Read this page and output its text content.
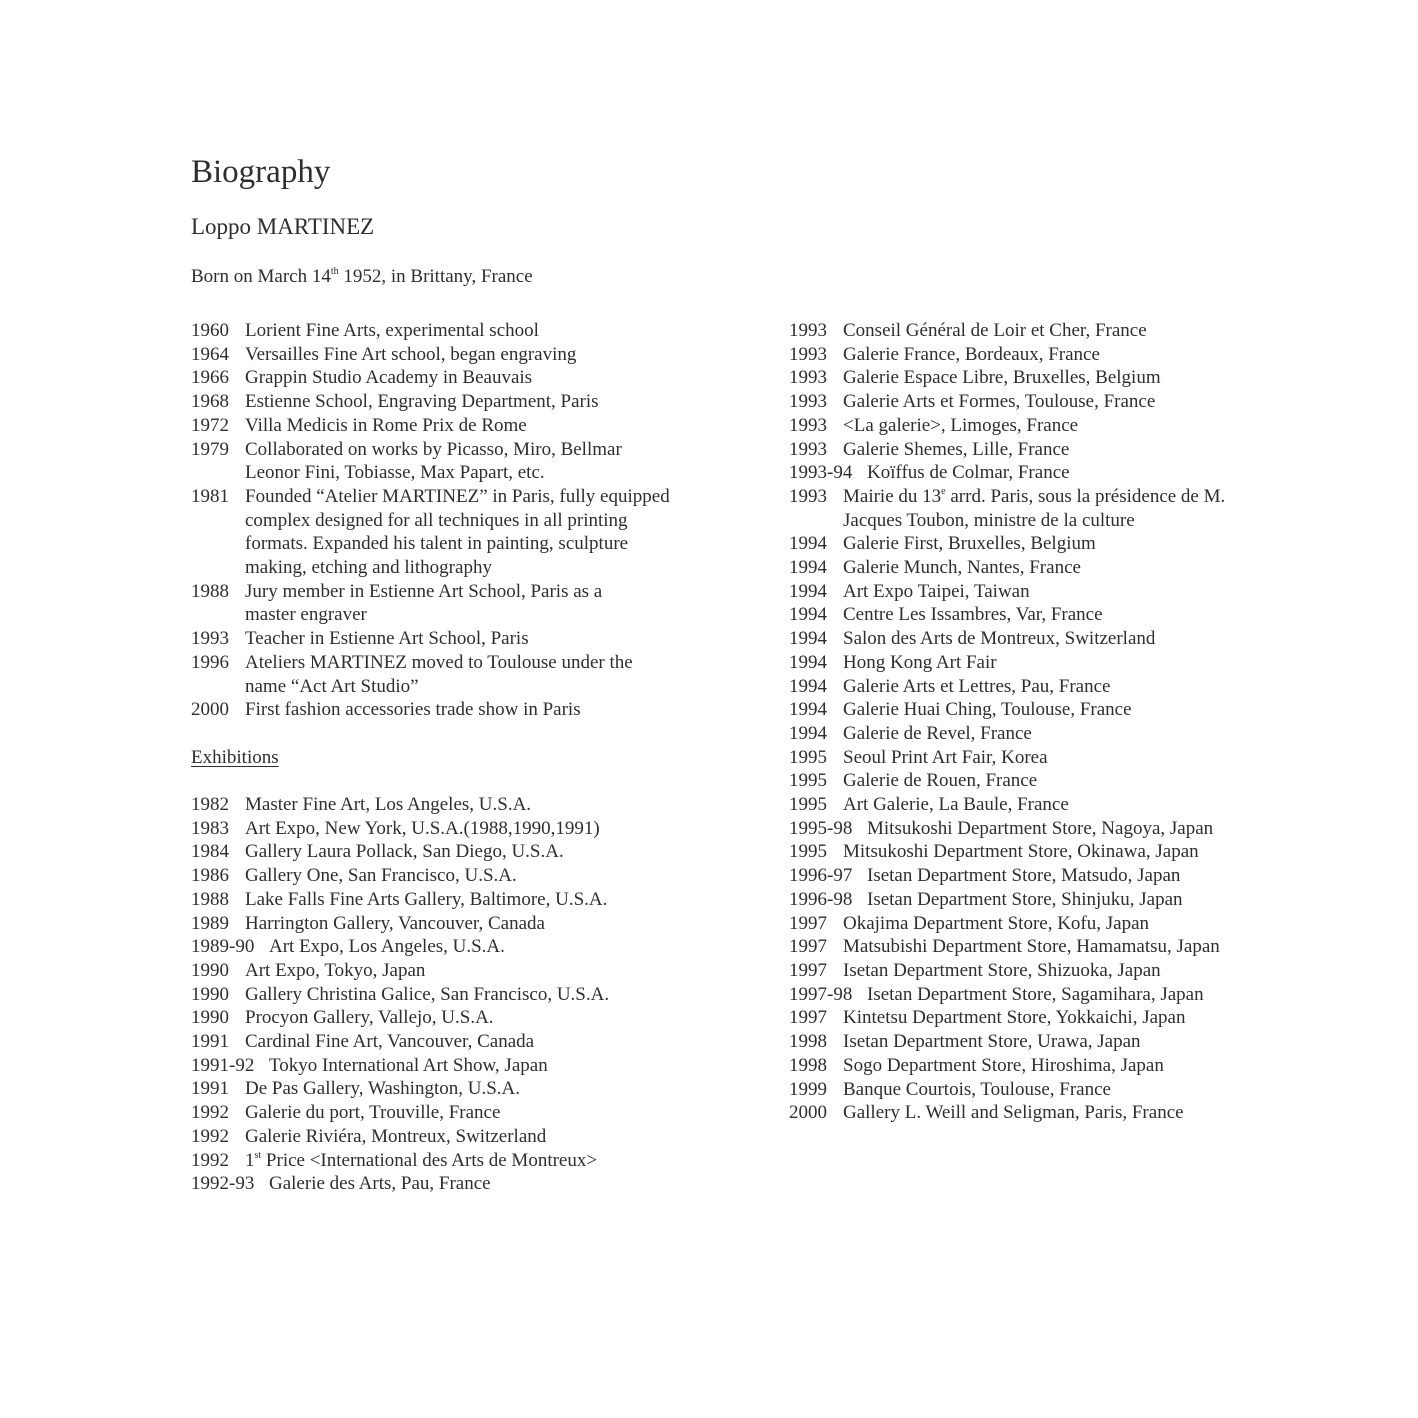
Biography
Loppo MARTINEZ

Born on March 14th 1952, in Brittany, France

1960 Lorient Fine Arts, experimental school
1964 Versailles Fine Art school, began engraving
1966 Grappin Studio Academy in Beauvais
1968 Estienne School, Engraving Department, Paris
1972 Villa Medicis in Rome Prix de Rome
1979 Collaborated on works by Picasso, Miro, Bellmar
Leonor Fini, Tobiasse, Max Papart, etc.
1981 Founded “Atelier MARTINEZ” in Paris, fully equipped
complex designed for all techniques in all printing
formats. Expanded his talent in painting, sculpture
making, etching and lithography
1988 Jury member in Estienne Art School, Paris as a
master engraver
1993 Teacher in Estienne Art School, Paris
1996 Ateliers MARTINEZ moved to Toulouse under the
name “Act Art Studio”
2000 First fashion accessories trade show in Paris
Exhibitions
1982 Master Fine Art, Los Angeles, U.S.A.
1983 Art Expo, New York, U.S.A.(1988,1990,1991)
1984 Gallery Laura Pollack, San Diego, U.S.A.
1986 Gallery One, San Francisco, U.S.A.
1988 Lake Falls Fine Arts Gallery, Baltimore, U.S.A.
1989 Harrington Gallery, Vancouver, Canada
1989-90 Art Expo, Los Angeles, U.S.A.
1990 Art Expo, Tokyo, Japan
1990 Gallery Christina Galice, San Francisco, U.S.A.
1990 Procyon Gallery, Vallejo, U.S.A.
1991 Cardinal Fine Art, Vancouver, Canada
1991-92 Tokyo International Art Show, Japan
1991 De Pas Gallery, Washington, U.S.A.
1992 Galerie du port, Trouville, France
1992 Galerie Riviéra, Montreux, Switzerland
1992 1st Price <International des Arts de Montreux>
1992-93 Galerie des Arts, Pau, France
1993 Conseil Général de Loir et Cher, France
1993 Galerie France, Bordeaux, France
1993 Galerie Espace Libre, Bruxelles, Belgium
1993 Galerie Arts et Formes, Toulouse, France
1993 <La galerie>, Limoges, France
1993 Galerie Shemes, Lille, France
1993-94 Koïffus de Colmar, France
1993 Mairie du 13e arrd. Paris, sous la présidence de M.
Jacques Toubon, ministre de la culture
1994 Galerie First, Bruxelles, Belgium
1994 Galerie Munch, Nantes, France
1994 Art Expo Taipei, Taiwan
1994 Centre Les Issambres, Var, France
1994 Salon des Arts de Montreux, Switzerland
1994 Hong Kong Art Fair
1994 Galerie Arts et Lettres, Pau, France
1994 Galerie Huai Ching, Toulouse, France
1994 Galerie de Revel, France
1995 Seoul Print Art Fair, Korea
1995 Galerie de Rouen, France
1995 Art Galerie, La Baule, France
1995-98 Mitsukoshi Department Store, Nagoya, Japan
1995 Mitsukoshi Department Store, Okinawa, Japan
1996-97 Isetan Department Store, Matsudo, Japan
1996-98 Isetan Department Store, Shinjuku, Japan
1997 Okajima Department Store, Kofu, Japan
1997 Matsubishi Department Store, Hamamatsu, Japan
1997 Isetan Department Store, Shizuoka, Japan
1997-98 Isetan Department Store, Sagamihara, Japan
1997 Kintetsu Department Store, Yokkaichi, Japan
1998 Isetan Department Store, Urawa, Japan
1998 Sogo Department Store, Hiroshima, Japan
1999 Banque Courtois, Toulouse, France
2000 Gallery L. Weill and Seligman, Paris, France
